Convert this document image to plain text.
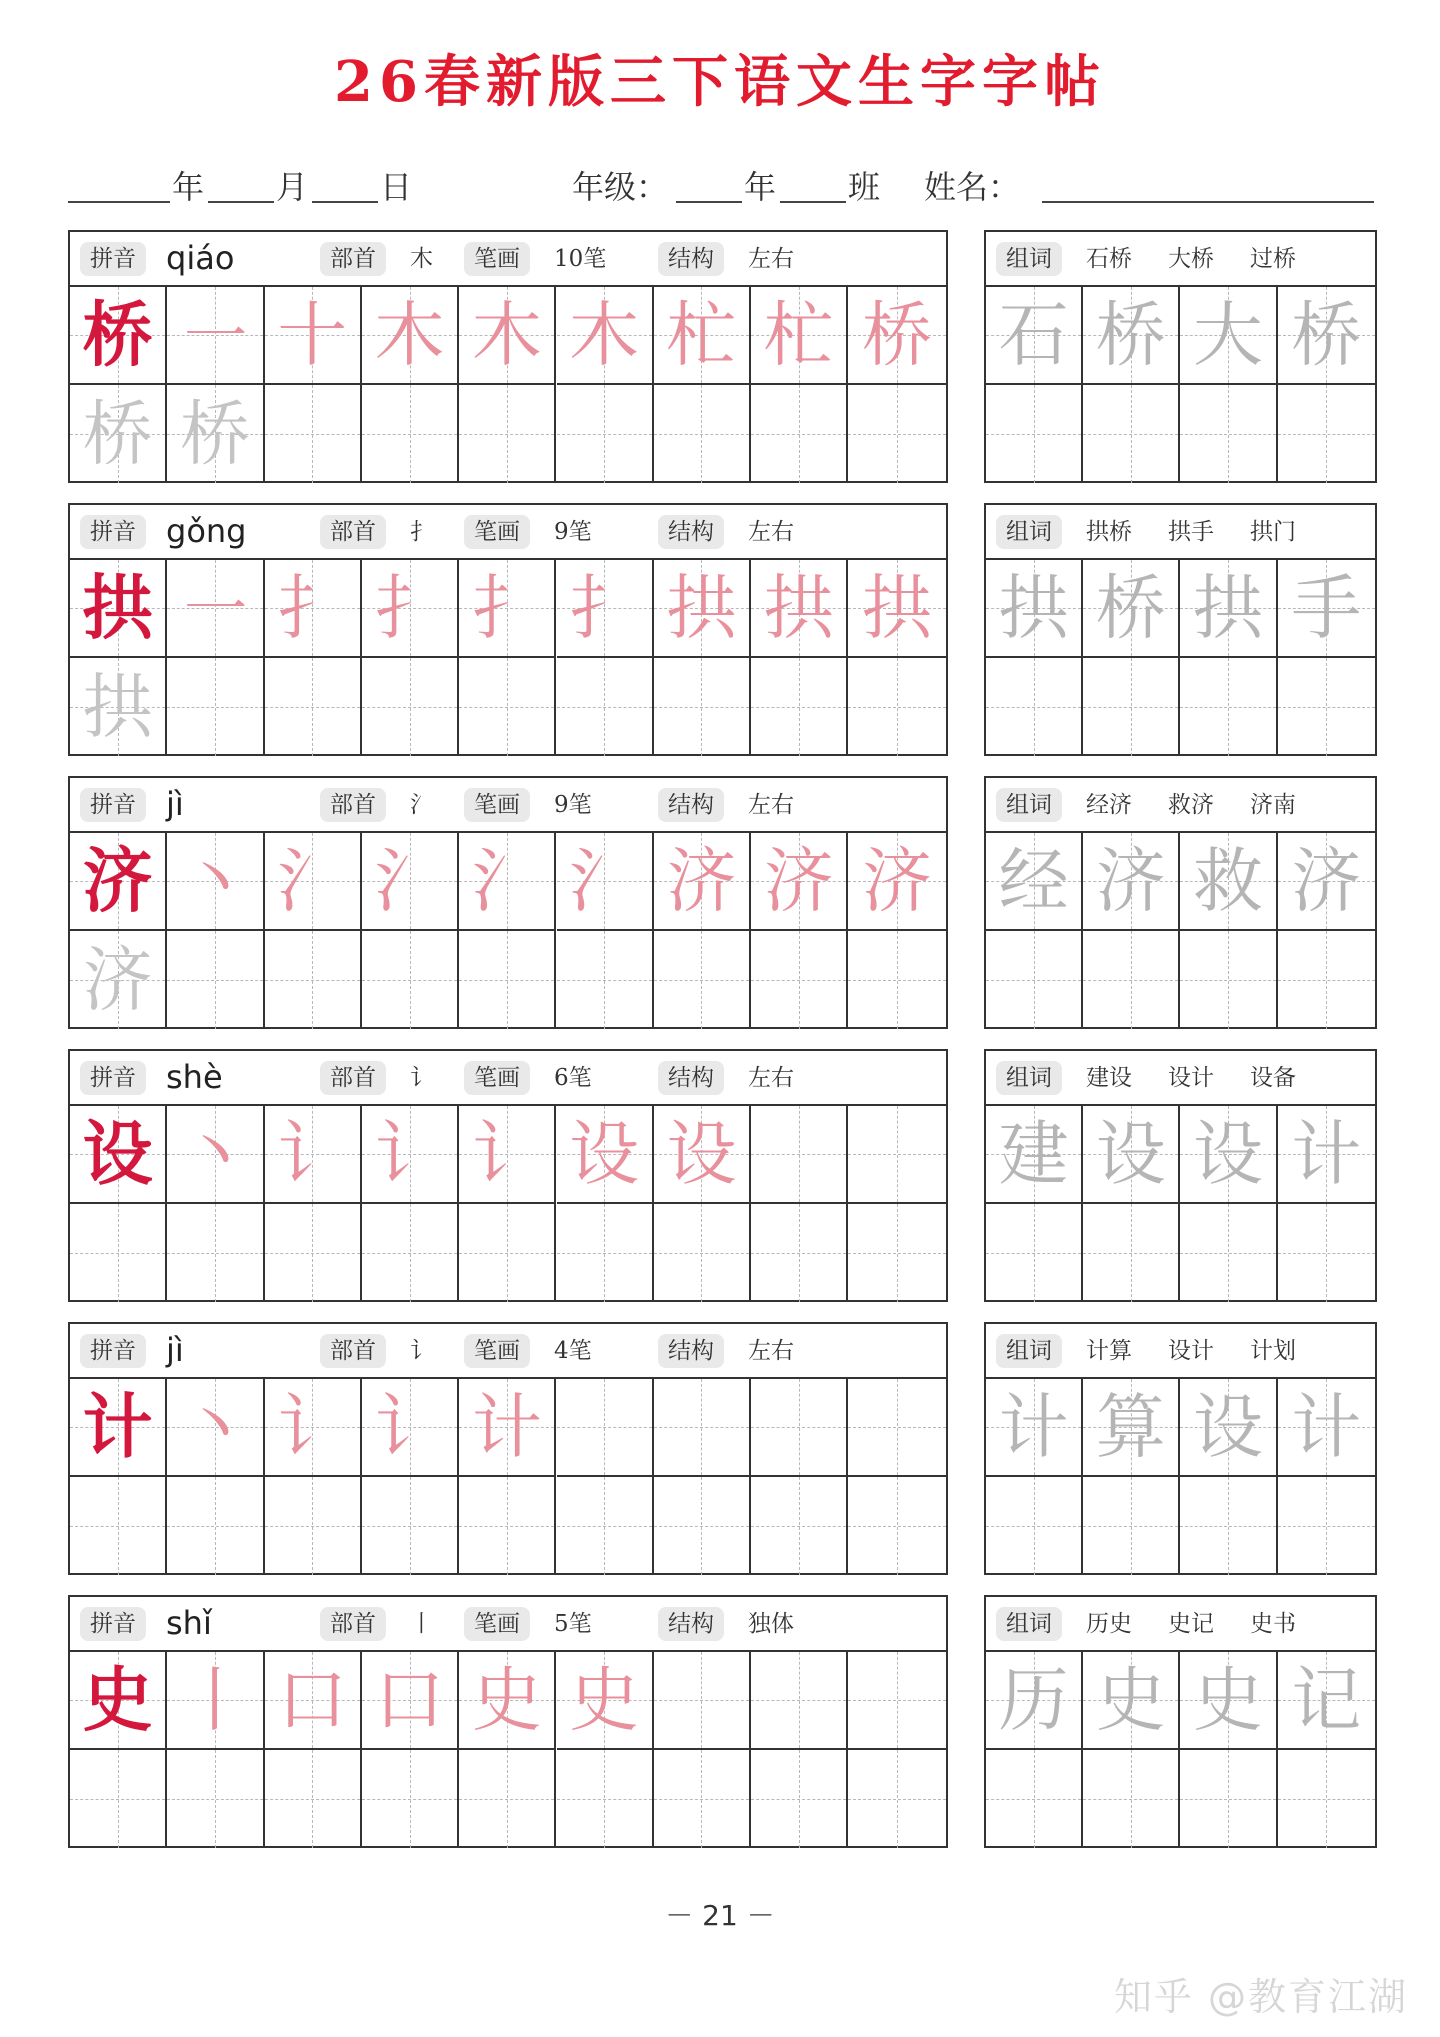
26春新版三下语文生字字帖
年 月 日	年级： 年 班 姓名：
拼音 qiáo	部首	木	笔画	10笔	结构	左右
桥 ㇐ 十 木 木 木 杧 杧 桥
桥 桥
组词	石桥 大桥 过桥
石 桥 大 桥
拼音 gǒng	部首	扌	笔画	9笔	结构	左右
拱 ㇐ 扌 扌 扌 扌 拱 拱 拱
拱
组词	拱桥 拱手 拱门
拱 桥 拱 手
拼音 jì	部首	氵	笔画	9笔	结构	左右
济 丶 氵 氵 氵 氵 济 济 济
济
组词	经济 救济 济南
经 济 救 济
拼音 shè	部首	讠	笔画	6笔	结构	左右
设 丶 讠 讠 讠 设 设
组词	建设 设计 设备
建 设 设 计
拼音 jì	部首	讠	笔画	4笔	结构	左右
计 丶 讠 讠 计
组词	计算 设计 计划
计 算 设 计
拼音 shǐ	部首	丨	笔画	5笔	结构	独体
史 丨 口 口 史 史
组词	历史 史记 史书
历 史 史 记
－ 21 －
知乎 @教育江湖
